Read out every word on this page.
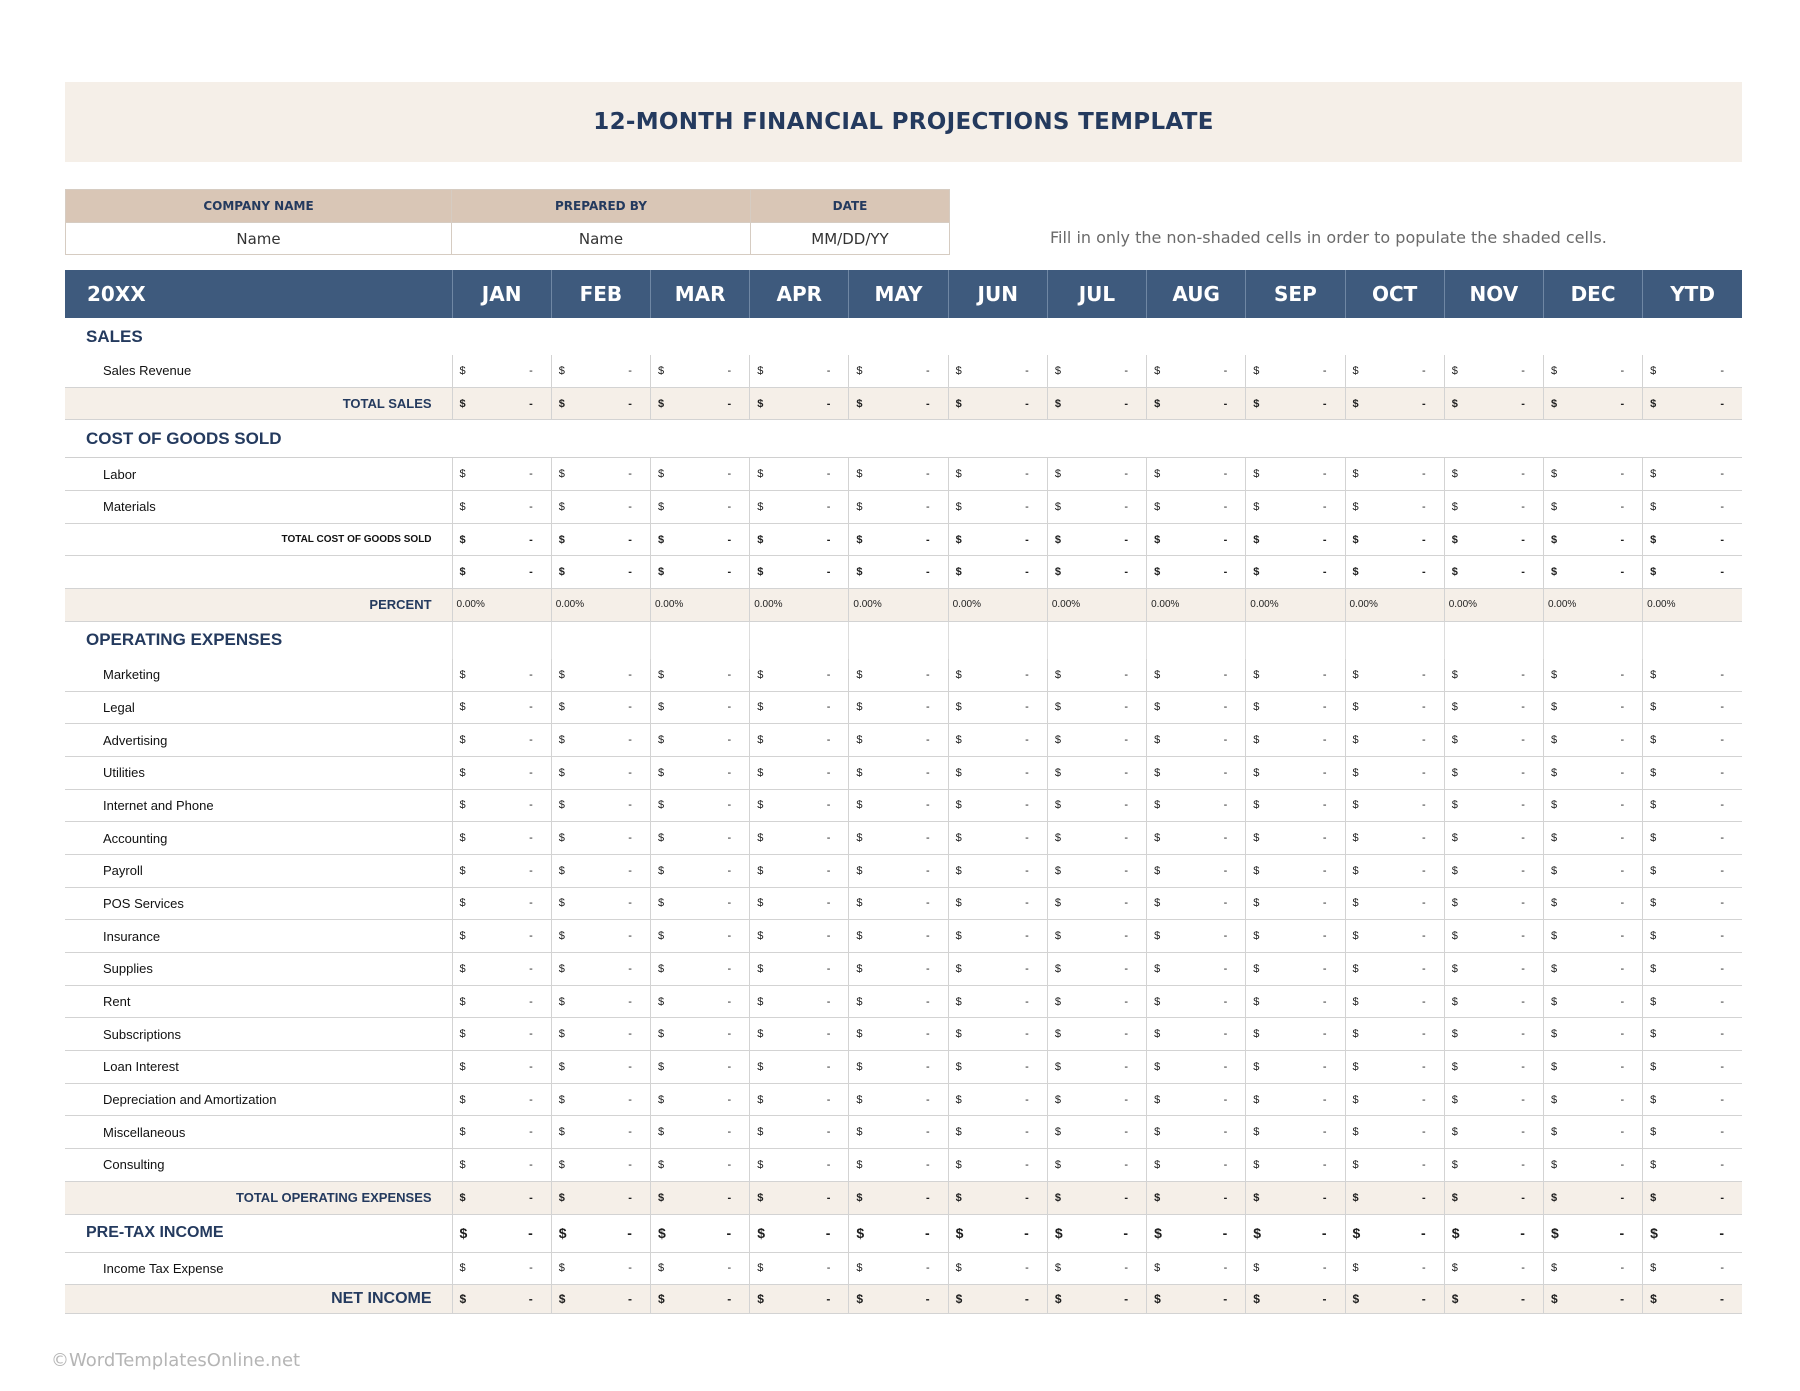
12-MONTH FINANCIAL PROJECTIONS TEMPLATE
COMPANY NAME	PREPARED BY	DATE
Name	Name	MM/DD/YY	Fill in only the non-shaded cells in order to populate the shaded cells.
20XX	JAN	FEB	MAR	APR	MAY	JUN	JUL	AUG	SEP	OCT	NOV	DEC	YTD
SALES													
Sales Revenue	$ -	$ -	$ -	$ -	$ -	$ -	$ -	$ -	$ -	$ -	$ -	$ -	$ -

TOTAL SALES	$ -	$ -	$ -	$ -	$ -	$ -	$ -	$ -	$ -	$ -	$ -	$ -	$ -

COST OF GOODS SOLD													
Labor	$ -	$ -	$ -	$ -	$ -	$ -	$ -	$ -	$ -	$ -	$ -	$ -	$ -

Materials	$ -	$ -	$ -	$ -	$ -	$ -	$ -	$ -	$ -	$ -	$ -	$ -	$ -

TOTAL COST OF GOODS SOLD	$ -	$ -	$ -	$ -	$ -	$ -	$ -	$ -	$ -	$ -	$ -	$ -	$ -

	$ -	$ -	$ -	$ -	$ -	$ -	$ -	$ -	$ -	$ -	$ -	$ -	$ -

PERCENT	0.00%	0.00%	0.00%	0.00%	0.00%	0.00%	0.00%	0.00%	0.00%	0.00%	0.00%	0.00%	0.00%
OPERATING EXPENSES													
Marketing	$ -	$ -	$ -	$ -	$ -	$ -	$ -	$ -	$ -	$ -	$ -	$ -	$ -

Legal	$ -	$ -	$ -	$ -	$ -	$ -	$ -	$ -	$ -	$ -	$ -	$ -	$ -

Advertising	$ -	$ -	$ -	$ -	$ -	$ -	$ -	$ -	$ -	$ -	$ -	$ -	$ -

Utilities	$ -	$ -	$ -	$ -	$ -	$ -	$ -	$ -	$ -	$ -	$ -	$ -	$ -

Internet and Phone	$ -	$ -	$ -	$ -	$ -	$ -	$ -	$ -	$ -	$ -	$ -	$ -	$ -

Accounting	$ -	$ -	$ -	$ -	$ -	$ -	$ -	$ -	$ -	$ -	$ -	$ -	$ -

Payroll	$ -	$ -	$ -	$ -	$ -	$ -	$ -	$ -	$ -	$ -	$ -	$ -	$ -

POS Services	$ -	$ -	$ -	$ -	$ -	$ -	$ -	$ -	$ -	$ -	$ -	$ -	$ -

Insurance	$ -	$ -	$ -	$ -	$ -	$ -	$ -	$ -	$ -	$ -	$ -	$ -	$ -

Supplies	$ -	$ -	$ -	$ -	$ -	$ -	$ -	$ -	$ -	$ -	$ -	$ -	$ -

Rent	$ -	$ -	$ -	$ -	$ -	$ -	$ -	$ -	$ -	$ -	$ -	$ -	$ -

Subscriptions	$ -	$ -	$ -	$ -	$ -	$ -	$ -	$ -	$ -	$ -	$ -	$ -	$ -

Loan Interest	$ -	$ -	$ -	$ -	$ -	$ -	$ -	$ -	$ -	$ -	$ -	$ -	$ -

Depreciation and Amortization	$ -	$ -	$ -	$ -	$ -	$ -	$ -	$ -	$ -	$ -	$ -	$ -	$ -

Miscellaneous	$ -	$ -	$ -	$ -	$ -	$ -	$ -	$ -	$ -	$ -	$ -	$ -	$ -

Consulting	$ -	$ -	$ -	$ -	$ -	$ -	$ -	$ -	$ -	$ -	$ -	$ -	$ -

TOTAL OPERATING EXPENSES	$ -	$ -	$ -	$ -	$ -	$ -	$ -	$ -	$ -	$ -	$ -	$ -	$ -

PRE-TAX INCOME	$ -	$ -	$ -	$ -	$ -	$ -	$ -	$ -	$ -	$ -	$ -	$ -	$ -

Income Tax Expense	$ -	$ -	$ -	$ -	$ -	$ -	$ -	$ -	$ -	$ -	$ -	$ -	$ -

NET INCOME	$ -	$ -	$ -	$ -	$ -	$ -	$ -	$ -	$ -	$ -	$ -	$ -	$ -
©WordTemplatesOnline.net
